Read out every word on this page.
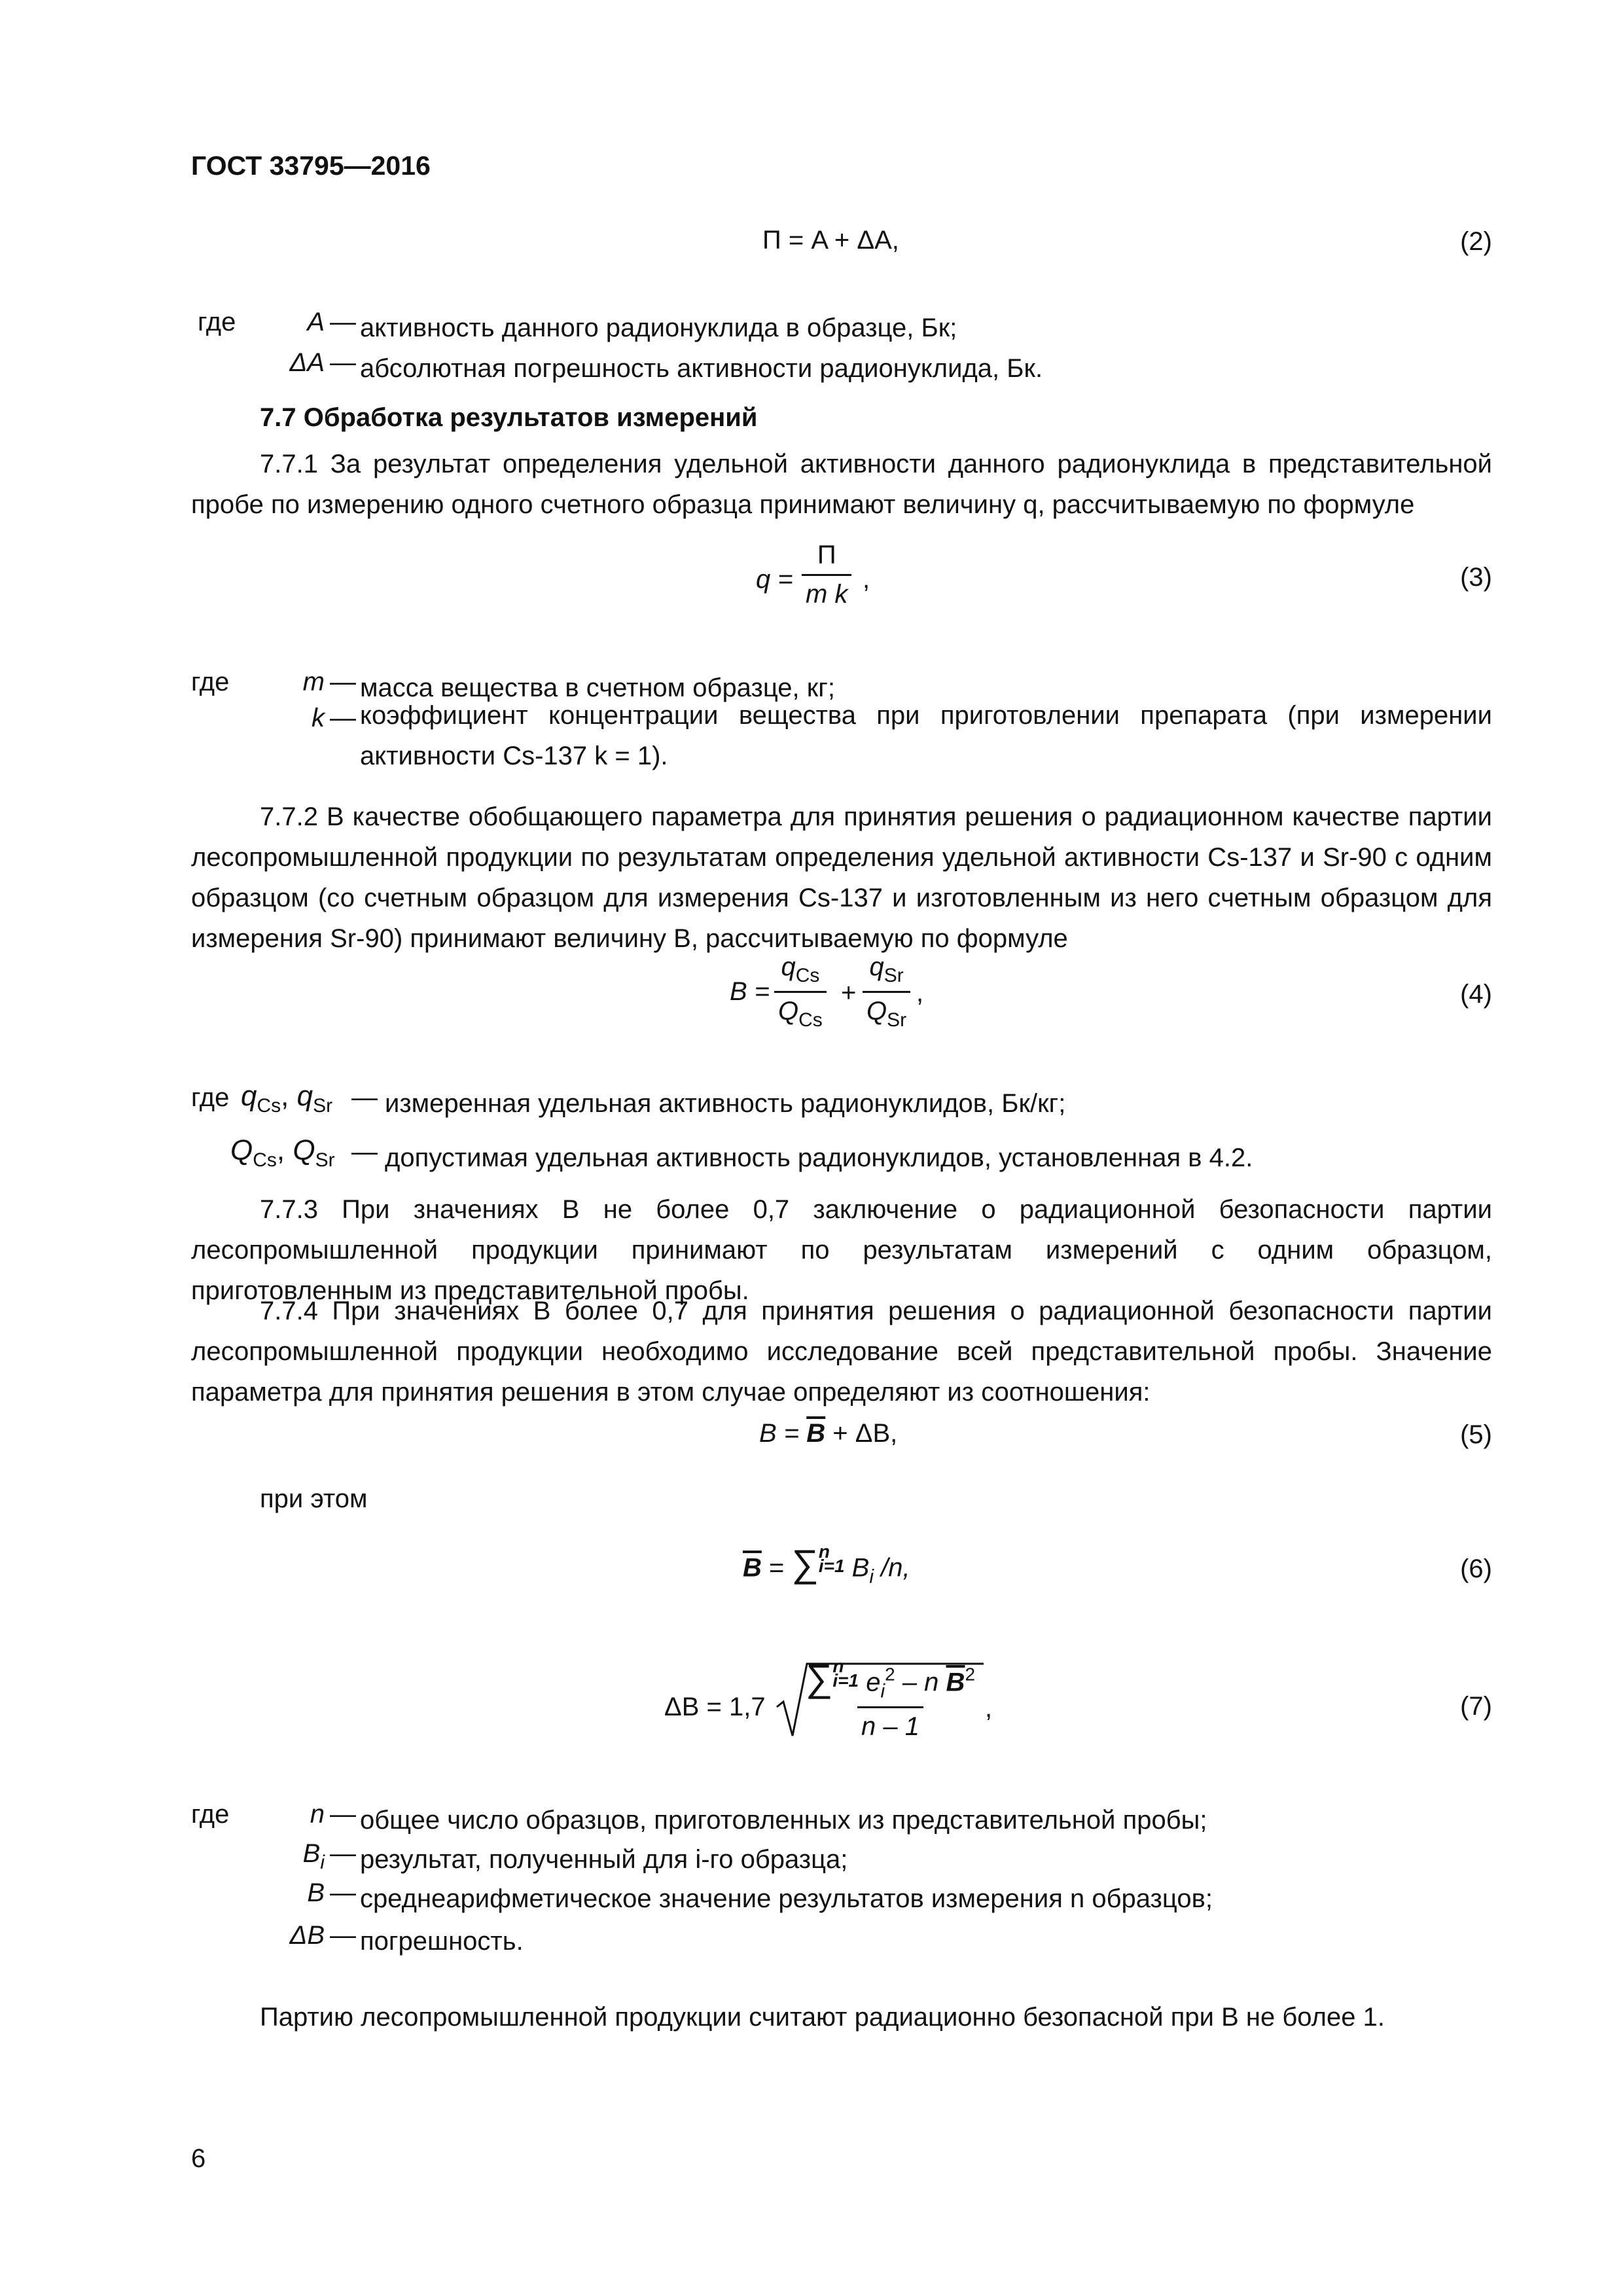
ГОСТ 33795—2016
П = A + ΔA,	(2)
где	A — активность данного радионуклида в образце, Бк;
ΔA — абсолютная погрешность активности радионуклида, Бк.
7.7 Обработка результатов измерений
7.7.1 За результат определения удельной активности данного радионуклида в представительной пробе по измерению одного счетного образца принимают величину q, рассчитываемую по формуле
q =
П
m k
,	(3)
где	m — масса вещества в счетном образце, кг;
k — коэффициент концентрации вещества при приготовлении препарата (при измерении активности Cs-137 k = 1).
7.7.2 В качестве обобщающего параметра для принятия решения о радиационном качестве партии лесопромышленной продукции по результатам определения удельной активности Cs-137 и Sr-90 с одним образцом (со счетным образцом для измерения Cs-137 и изготовленным из него счетным образцом для измерения Sr-90) принимают величину B, рассчитываемую по формуле
B =
$q_{Cs}$
$Q_{Cs}$
+
$q_{Sr}$
$Q_{Sr}$
,	(4)
где $q_{Cs}$, $q_{Sr}$ — измеренная удельная активность радионуклидов, Бк/кг;
$Q_{Cs}$, $Q_{Sr}$ — допустимая удельная активность радионуклидов, установленная в 4.2.
7.7.3 При значениях B не более 0,7 заключение о радиационной безопасности партии лесопромышленной продукции принимают по результатам измерений с одним образцом, приготовленным из представительной пробы.
7.7.4 При значениях B более 0,7 для принятия решения о радиационной безопасности партии лесопромышленной продукции необходимо исследование всей представительной пробы. Значение параметра для принятия решения в этом случае определяют из соотношения:
$B = \overline{B} + \Delta B$,	(5)
при этом
$\overline{B}$ = ∑ n
i=1 $B_i$ /n,	(6)
ΔB = 1,7 ∑ n
i=1 $e_i^2$ – n $\overline{B}^2$
n – 1 ,	(7)
где	n — общее число образцов, приготовленных из представительной пробы;
$B_i$ — результат, полученный для i-го образца;
B — среднеарифметическое значение результатов измерения n образцов;
ΔB — погрешность.
Партию лесопромышленной продукции считают радиационно безопасной при B не более 1.
6
